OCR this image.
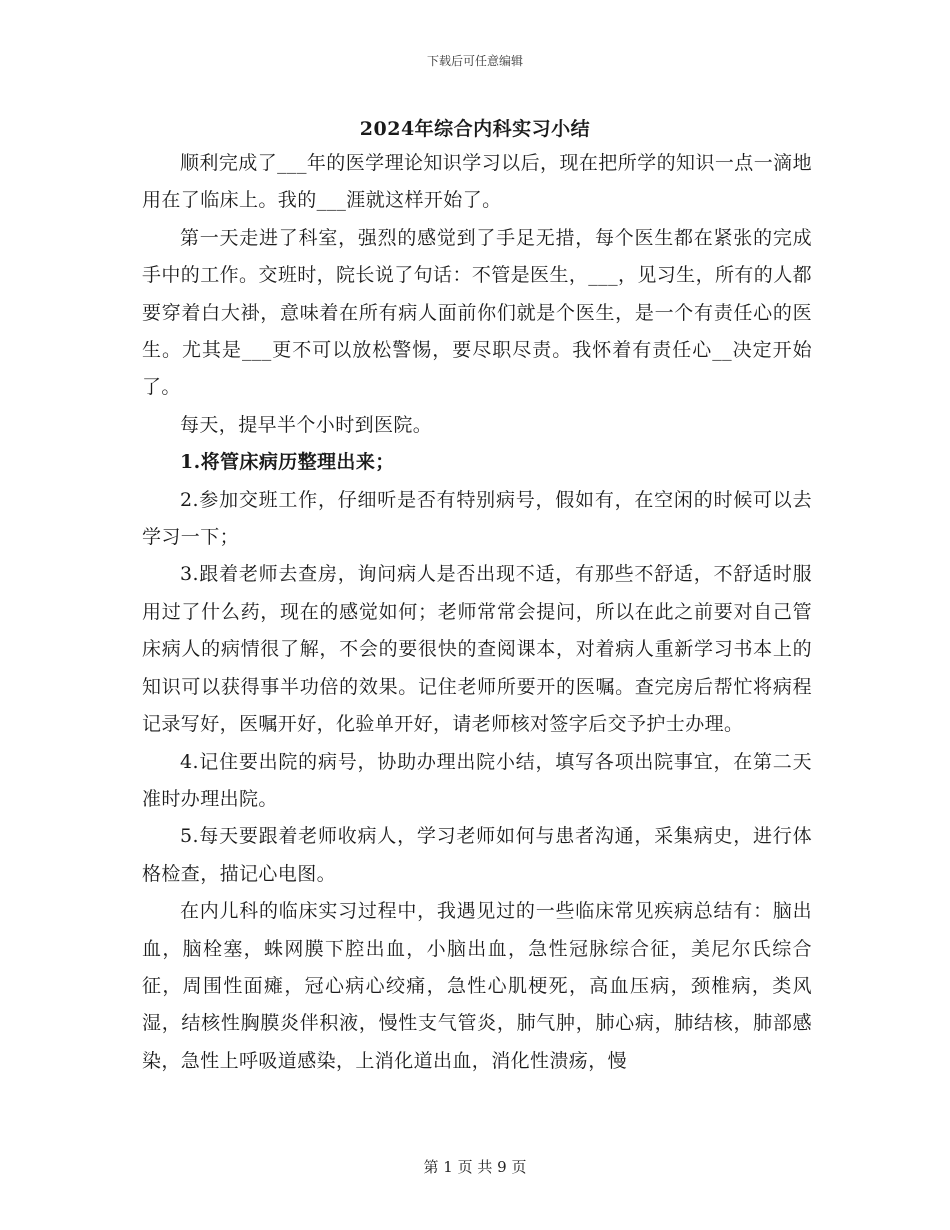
下载后可任意编辑
2024年综合内科实习小结

顺利完成了___年的医学理论知识学习以后，现在把所学的知识一点一滴地用在了临床上。我的___涯就这样开始了。

第一天走进了科室，强烈的感觉到了手足无措，每个医生都在紧张的完成手中的工作。交班时，院长说了句话：不管是医生，___，见习生，所有的人都要穿着白大褂，意味着在所有病人面前你们就是个医生，是一个有责任心的医生。尤其是___更不可以放松警惕，要尽职尽责。我怀着有责任心__决定开始了。

每天，提早半个小时到医院。

1.将管床病历整理出来；

2.参加交班工作，仔细听是否有特别病号，假如有，在空闲的时候可以去学习一下；

3.跟着老师去查房，询问病人是否出现不适，有那些不舒适，不舒适时服用过了什么药，现在的感觉如何；老师常常会提问，所以在此之前要对自己管床病人的病情很了解，不会的要很快的查阅课本，对着病人重新学习书本上的知识可以获得事半功倍的效果。记住老师所要开的医嘱。查完房后帮忙将病程记录写好，医嘱开好，化验单开好，请老师核对签字后交予护士办理。

4.记住要出院的病号，协助办理出院小结，填写各项出院事宜，在第二天准时办理出院。

5.每天要跟着老师收病人，学习老师如何与患者沟通，采集病史，进行体格检查，描记心电图。

在内儿科的临床实习过程中，我遇见过的一些临床常见疾病总结有：脑出血，脑栓塞，蛛网膜下腔出血，小脑出血，急性冠脉综合征，美尼尔氏综合征，周围性面瘫，冠心病心绞痛，急性心肌梗死，高血压病，颈椎病，类风湿，结核性胸膜炎伴积液，慢性支气管炎，肺气肿，肺心病，肺结核，肺部感染，急性上呼吸道感染，上消化道出血，消化性溃疡，慢

第 1 页 共 9 页
